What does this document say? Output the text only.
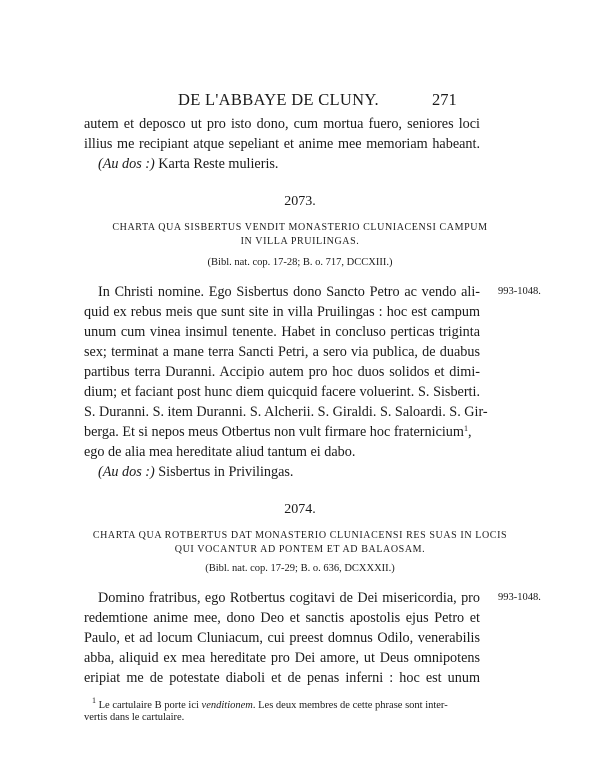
DE L'ABBAYE DE CLUNY.	271
autem et deposco ut pro isto dono, cum mortua fuero, seniores loci
illius me recipiant atque sepeliant et anime mee memoriam habeant.
(Au dos :) Karta Reste mulieris.
2073.
CHARTA QUA SISBERTUS VENDIT MONASTERIO CLUNIACENSI CAMPUM
IN VILLA PRUILINGAS.
(Bibl. nat. cop. 17-28; B. o. 717, DCCXIII.)
993-1048.
In Christi nomine. Ego Sisbertus dono Sancto Petro ac vendo ali-
quid ex rebus meis que sunt site in villa Pruilingas : hoc est campum
unum cum vinea insimul tenente. Habet in concluso perticas triginta
sex; terminat a mane terra Sancti Petri, a sero via publica, de duabus
partibus terra Duranni. Accipio autem pro hoc duos solidos et dimi-
dium; et faciant post hunc diem quicquid facere voluerint. S. Sisberti.
S. Duranni. S. item Duranni. S. Alcherii. S. Giraldi. S. Saloardi. S. Gir-
berga. Et si nepos meus Otbertus non vult firmare hoc fraternicium$^1$,
ego de alia mea hereditate aliud tantum ei dabo.
(Au dos :) Sisbertus in Privilingas.
2074.
CHARTA QUA ROTBERTUS DAT MONASTERIO CLUNIACENSI RES SUAS IN LOCIS
QUI VOCANTUR AD PONTEM ET AD BALAOSAM.
(Bibl. nat. cop. 17-29; B. o. 636, DCXXXII.)
993-1048.
Domino fratribus, ego Rotbertus cogitavi de Dei misericordia, pro
redemtione anime mee, dono Deo et sanctis apostolis ejus Petro et
Paulo, et ad locum Cluniacum, cui preest domnus Odilo, venerabilis
abba, aliquid ex mea hereditate pro Dei amore, ut Deus omnipotens
eripiat me de potestate diaboli et de penas inferni : hoc est unum
$^1$ Le cartulaire B porte ici venditionem. Les deux membres de cette phrase sont inter-
vertis dans le cartulaire.
